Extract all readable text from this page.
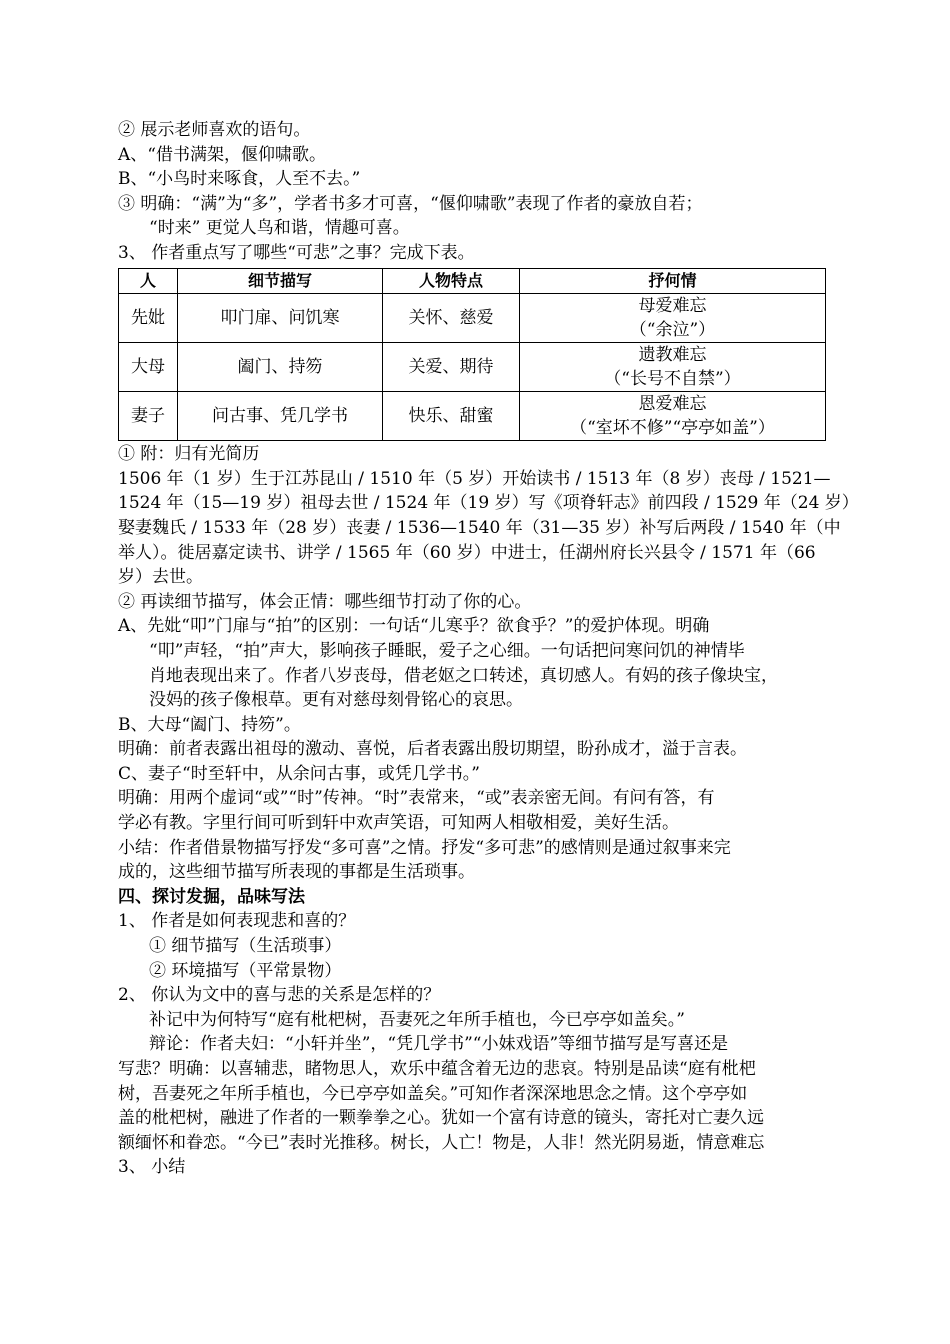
② 展示老师喜欢的语句。

A、“借书满架，偃仰啸歌。

B、“小鸟时来啄食，人至不去。”

③ 明确：“满”为“多”，学者书多才可喜，“偃仰啸歌”表现了作者的豪放自若；

“时来” 更觉人鸟和谐，情趣可喜。

3、 作者重点写了哪些“可悲”之事？完成下表。

人	细节描写	人物特点	抒何情
先妣	叩门扉、问饥寒	关怀、慈爱	母爱难忘
（“余泣”）

大母	阖门、持笏	关爱、期待	遗教难忘
（“长号不自禁”）

妻子	问古事、凭几学书	快乐、甜蜜	恩爱难忘
（“室坏不修”“亭亭如盖”）

① 附：归有光简历

1506 年（1 岁）生于江苏昆山 / 1510 年（5 岁）开始读书 / 1513 年（8 岁）丧母 / 1521—

1524 年（15—19 岁）祖母去世 / 1524 年（19 岁）写《项脊轩志》前四段 / 1529 年（24 岁）

娶妻魏氏 / 1533 年（28 岁）丧妻 / 1536—1540 年（31—35 岁）补写后两段 / 1540 年（中

举人）。徙居嘉定读书、讲学 / 1565 年（60 岁）中进士，任湖州府长兴县令 / 1571 年（66

岁）去世。

② 再读细节描写，体会正情：哪些细节打动了你的心。

A、先妣“叩”门扉与“拍”的区别：一句话“儿寒乎？欲食乎？”的爱护体现。明确

“叩”声轻，“拍”声大，影响孩子睡眠，爱子之心细。一句话把问寒问饥的神情毕

肖地表现出来了。作者八岁丧母，借老妪之口转述，真切感人。有妈的孩子像块宝，

没妈的孩子像根草。更有对慈母刻骨铭心的哀思。

B、大母“阖门、持笏”。

明确：前者表露出祖母的激动、喜悦，后者表露出殷切期望，盼孙成才，溢于言表。

C、妻子“时至轩中，从余问古事，或凭几学书。”

明确：用两个虚词“或”“时”传神。“时”表常来，“或”表亲密无间。有问有答，有

学必有教。字里行间可听到轩中欢声笑语，可知两人相敬相爱，美好生活。

小结：作者借景物描写抒发“多可喜”之情。抒发“多可悲”的感情则是通过叙事来完

成的，这些细节描写所表现的事都是生活琐事。

四、探讨发掘，品味写法

1、 作者是如何表现悲和喜的？

① 细节描写（生活琐事）

② 环境描写（平常景物）

2、 你认为文中的喜与悲的关系是怎样的？

补记中为何特写“庭有枇杷树，吾妻死之年所手植也，今已亭亭如盖矣。”

辩论：作者夫妇：“小轩并坐”，“凭几学书”“小妹戏语”等细节描写是写喜还是

写悲？明确：以喜辅悲，睹物思人，欢乐中蕴含着无边的悲哀。特别是品读“庭有枇杷

树，吾妻死之年所手植也，今已亭亭如盖矣。”可知作者深深地思念之情。这个亭亭如

盖的枇杷树，融进了作者的一颗拳拳之心。犹如一个富有诗意的镜头，寄托对亡妻久远

额缅怀和眷恋。“今已”表时光推移。树长，人亡！物是，人非！然光阴易逝，情意难忘

3、 小结
